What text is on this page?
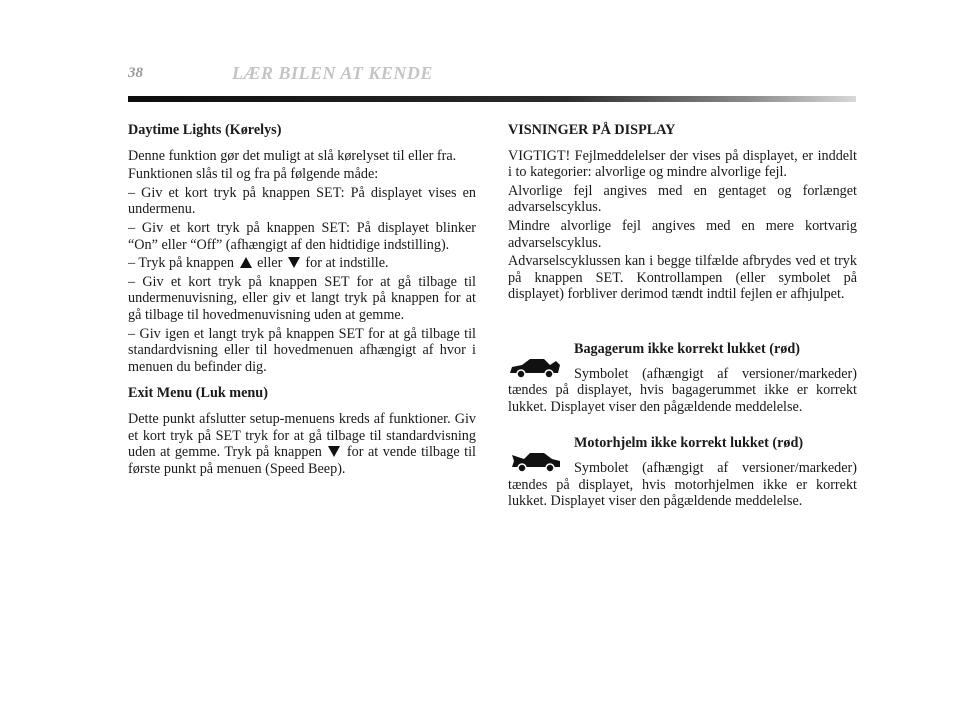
38	LÆR BILEN AT KENDE
Daytime Lights (Kørelys)
Denne funktion gør det muligt at slå kørelyset til eller fra.
Funktionen slås til og fra på følgende måde:
– Giv et kort tryk på knappen SET: På displayet vises en undermenu.
– Giv et kort tryk på knappen SET: På displayet blinker “On” eller “Off” (afhængigt af den hidtidige indstilling).
– Tryk på knappen eller for at indstille.
– Giv et kort tryk på knappen SET for at gå tilbage til undermenuvisning, eller giv et langt tryk på knappen for at gå tilbage til hovedmenuvisning uden at gemme.
– Giv igen et langt tryk på knappen SET for at gå tilbage til standardvisning eller til hovedmenuen afhængigt af hvor i menuen du befinder dig.
Exit Menu (Luk menu)
Dette punkt afslutter setup-menuens kreds af funktioner. Giv et kort tryk på SET tryk for at gå tilbage til standardvisning uden at gemme. Tryk på knappen for at vende tilbage til første punkt på menuen (Speed Beep).
VISNINGER PÅ DISPLAY
VIGTIGT! Fejlmeddelelser der vises på displayet, er inddelt i to kategorier: alvorlige og mindre alvorlige fejl.
Alvorlige fejl angives med en gentaget og forlænget advarselscyklus.
Mindre alvorlige fejl angives med en mere kortvarig advarselscyklus.
Advarselscyklussen kan i begge tilfælde afbrydes ved et tryk på knappen SET. Kontrollampen (eller symbolet på displayet) forbliver derimod tændt indtil fejlen er afhjulpet.
Bagagerum ikke korrekt lukket (rød)
Symbolet (afhængigt af versioner/markeder) tændes på displayet, hvis bagagerummet ikke er korrekt lukket. Displayet viser den pågældende meddelelse.
Motorhjelm ikke korrekt lukket (rød)
Symbolet (afhængigt af versioner/markeder) tændes på displayet, hvis motorhjelmen ikke er korrekt lukket. Displayet viser den pågældende meddelelse.
